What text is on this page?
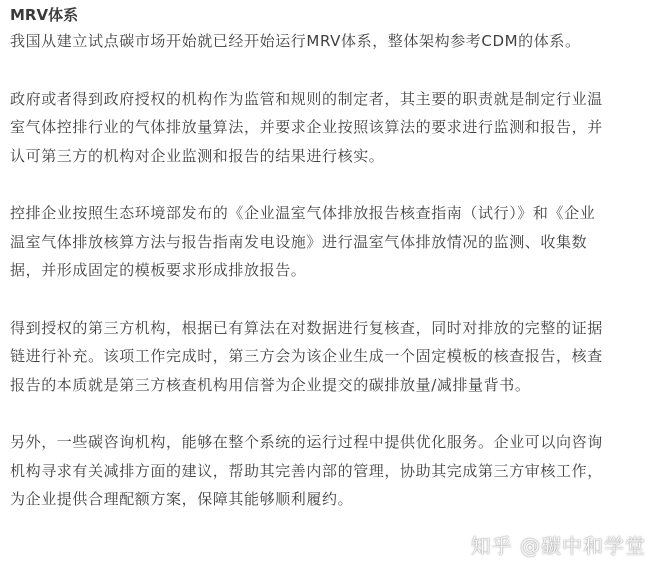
MRV体系

我国从建立试点碳市场开始就已经开始运行MRV体系，整体架构参考CDM的体系。

政府或者得到政府授权的机构作为监管和规则的制定者，其主要的职责就是制定行业温室气体控排行业的气体排放量算法，并要求企业按照该算法的要求进行监测和报告，并认可第三方的机构对企业监测和报告的结果进行核实。

控排企业按照生态环境部发布的《企业温室气体排放报告核查指南（试行）》和《企业温室气体排放核算方法与报告指南发电设施》进行温室气体排放情况的监测、收集数据，并形成固定的模板要求形成排放报告。

得到授权的第三方机构，根据已有算法在对数据进行复核查，同时对排放的完整的证据链进行补充。该项工作完成时，第三方会为该企业生成一个固定模板的核查报告，核查报告的本质就是第三方核查机构用信誉为企业提交的碳排放量/减排量背书。

另外，一些碳咨询机构，能够在整个系统的运行过程中提供优化服务。企业可以向咨询机构寻求有关减排方面的建议，帮助其完善内部的管理，协助其完成第三方审核工作，为企业提供合理配额方案，保障其能够顺利履约。

知乎 @碳中和学堂
